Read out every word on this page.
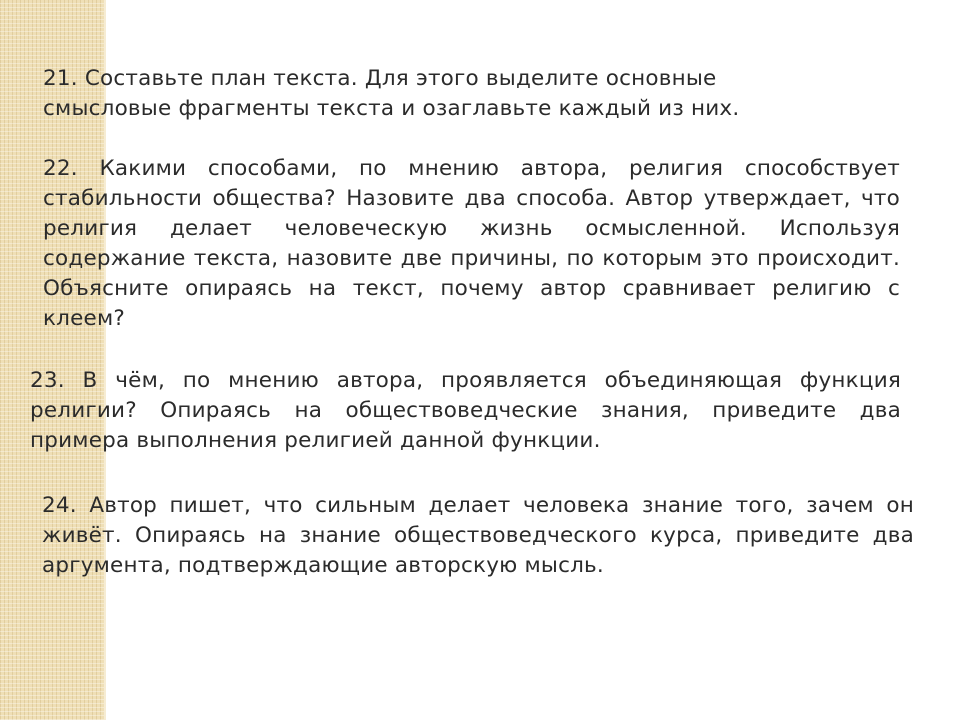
21. Составьте план текста. Для этого выделите основные смысловые фрагменты текста и озаглавьте каждый из них.

22. Какими способами, по мнению автора, религия способствует стабильности общества? Назовите два способа. Автор утверждает, что религия делает человеческую жизнь осмысленной. Используя содержание текста, назовите две причины, по которым это происходит. Объясните опираясь на текст, почему автор сравнивает религию с клеем?

23. В чём, по мнению автора, проявляется объединяющая функция религии? Опираясь на обществоведческие знания, приведите два примера выполнения религией данной функции.

24. Автор пишет, что сильным делает человека знание того, зачем он живёт. Опираясь на знание обществоведческого курса, приведите два аргумента, подтверждающие авторскую мысль.
